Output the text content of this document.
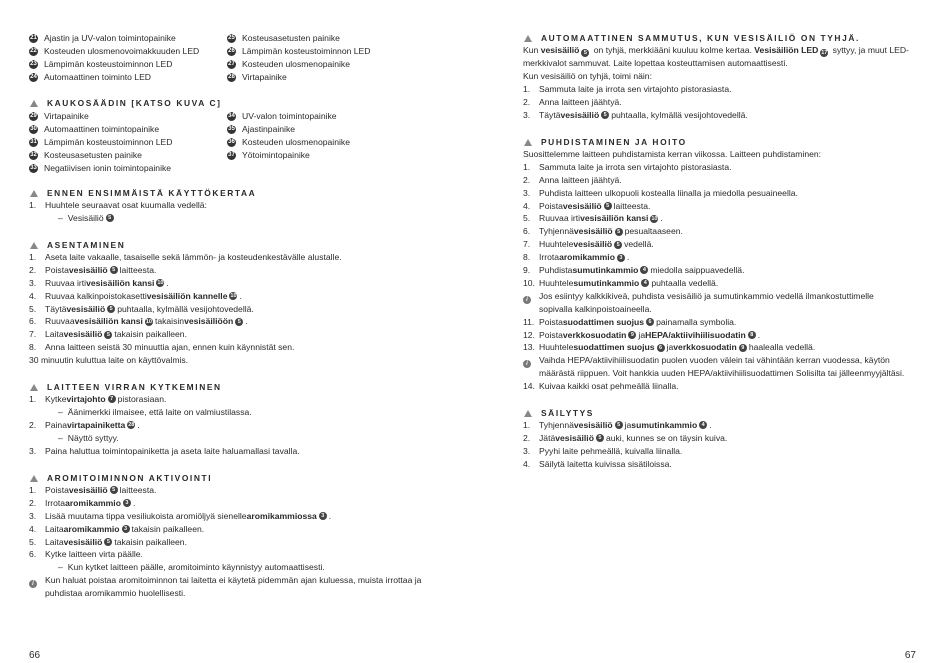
21 Ajastin ja UV-valon toimintopainike
22 Kosteuden ulosmenovoimakkuuden LED
23 Lämpimän kosteustoiminnon LED
24 Automaattinen toiminto LED
25 Kosteusasetusten painike
26 Lämpimän kosteustoiminnon LED
27 Kosteuden ulosmenopainike
28 Virtapainike
KAUKOSÄÄDIN [KATSO KUVA C]
29 Virtapainike
30 Automaattinen toimintopainike
31 Lämpimän kosteustoiminnon LED
32 Kosteusasetusten painike
33 Negatiivisen ionin toimintopainike
34 UV-valon toimintopainike
35 Ajastinpainike
36 Kosteuden ulosmenopainike
37 Yötoimintopainike
ENNEN ENSIMMÄISTÄ KÄYTTÖKERTAA
1.	Huuhtele seuraavat osat kuumalla vedellä:
– Vesisäiliö 5
ASENTAMINEN
1.	Aseta laite vakaalle, tasaiselle sekä lämmön- ja kosteudenkestävälle alustalle.
2.	Poista vesisäiliö 5 laitteesta.
3.	Ruuvaa irti vesisäiliön kansi 10 .
4.	Ruuvaa kalkinpoistokasetti vesisäiliön kannelle 10 .
5.	Täytä vesisäiliö 5 puhtaalla, kylmällä vesijohtovedellä.
6.	Ruuvaa vesisäiliön kansi 10 takaisin vesisäiliöön 5 .
7.	Laita vesisäiliö 5 takaisin paikalleen.
8.	Anna laitteen seistä 30 minuuttia ajan, ennen kuin käynnistät sen.
30 minuutin kuluttua laite on käyttövalmis.
LAITTEEN VIRRAN KYTKEMINEN
1.	Kytke virtajohto 7 pistorasiaan.
– Äänimerkki ilmaisee, että laite on valmiustilassa.
2.	Paina virtapainiketta 28 .
– Näyttö syttyy.
3.	Paina haluttua toimintopainiketta ja aseta laite haluamallasi tavalla.
AROMITOIMINNON AKTIVOINTI
1.	Poista vesisäiliö 5 laitteesta.
2.	Irrota aromikammio 3 .
3.	Lisää muutama tippa vesiliukoista aromiöljyä sienelle aromikammiossa 3 .
4.	Laita aromikammio 3 takaisin paikalleen.
5.	Laita vesisäiliö 5 takaisin paikalleen.
6.	Kytke laitteen virta päälle.
– Kun kytket laitteen päälle, aromitoiminto käynnistyy automaattisesti.
i	Kun haluat poistaa aromitoiminnon tai laitetta ei käytetä pidemmän ajan kuluessa, muista irrottaa ja puhdistaa aromikammio huolellisesti.
66
AUTOMAATTINEN SAMMUTUS, KUN VESISÄILIÖ ON TYHJÄ.
Kun vesisäiliö 5 on tyhjä, merkkiääni kuuluu kolme kertaa. Vesisäiliön LED 17 syttyy, ja muut LED-merkkivalot sammuvat. Laite lopettaa kosteuttamisen automaattisesti.
Kun vesisäiliö on tyhjä, toimi näin:
1.	Sammuta laite ja irrota sen virtajohto pistorasiasta.
2.	Anna laitteen jäähtyä.
3.	Täytä vesisäiliö 5 puhtaalla, kylmällä vesijohtovedellä.
PUHDISTAMINEN JA HOITO
Suosittelemme laitteen puhdistamista kerran viikossa. Laitteen puhdistaminen:
1.	Sammuta laite ja irrota sen virtajohto pistorasiasta.
2.	Anna laitteen jäähtyä.
3.	Puhdista laitteen ulkopuoli kostealla liinalla ja miedolla pesuaineella.
4.	Poista vesisäiliö 5 laitteesta.
5.	Ruuvaa irti vesisäiliön kansi 10 .
6.	Tyhjennä vesisäiliö 5 pesualtaaseen.
7.	Huuhtele vesisäiliö 5 vedellä.
8.	Irrota aromikammio 3 .
9.	Puhdista sumutinkammio 4 miedolla saippuavedellä.
10. Huuhtele sumutinkammio 4 puhtaalla vedellä.
i	Jos esiintyy kalkkikiveä, puhdista vesisäiliö ja sumutinkammio vedellä ilmankostuttimelle sopivalla kalkinpoistoaineella.
11. Poista suodattimen suojus 6 painamalla symbolia.
12. Poista verkkosuodatin 9 ja HEPA/aktiivihiilisuodatin 8 .
13. Huuhtele suodattimen suojus 6 ja verkkosuodatin 9 haalealla vedellä.
i	Vaihda HEPA/aktiivihiilisuodatin puolen vuoden välein tai vähintään kerran vuodessa, käytön määrästä riippuen. Voit hankkia uuden HEPA/aktiivihiilisuodattimen Solisilta tai jälleenmyyjältäsi.
14. Kuivaa kaikki osat pehmeällä liinalla.
SÄILYTYS
1.	Tyhjennä vesisäiliö 5 ja sumutinkammio 4 .
2.	Jätä vesisäiliö 5 auki, kunnes se on täysin kuiva.
3.	Pyyhi laite pehmeällä, kuivalla liinalla.
4.	Säilytä laitetta kuivissa sisätiloissa.
67
